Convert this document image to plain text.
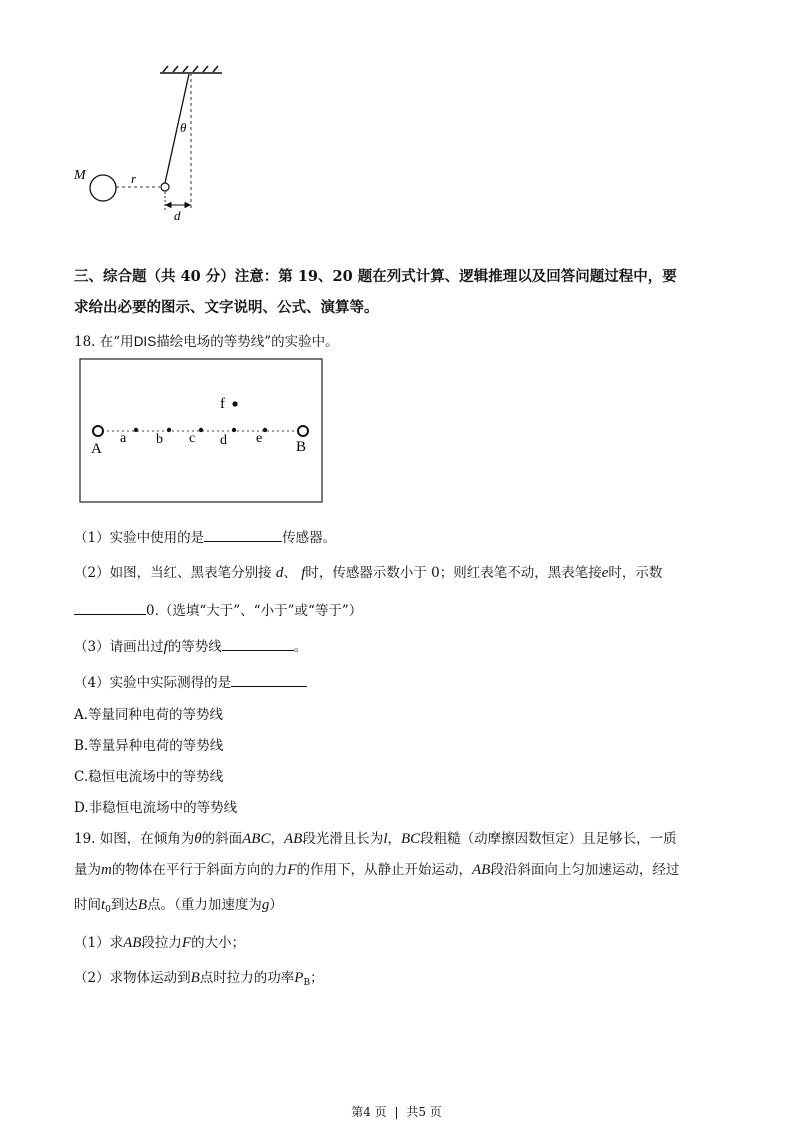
M	r
θ
d
三、综合题（共 40 分）注意：第 19、20 题在列式计算、逻辑推理以及回答问题过程中，要
求给出必要的图示、文字说明、公式、演算等。
18. 在“用DIS描绘电场的等势线”的实验中。
f
A	B
a b c d e
（1）实验中使用的是	传感器。
（2）如图，当红、黑表笔分别接 d、 f时，传感器示数小于 0；则红表笔不动，黑表笔接e时，示数
0.（选填“大于”、“小于”或“等于”）
（3）请画出过f的等势线	。
（4）实验中实际测得的是
A.等量同种电荷的等势线
B.等量异种电荷的等势线
C.稳恒电流场中的等势线
D.非稳恒电流场中的等势线
19. 如图，在倾角为θ的斜面ABC，AB段光滑且长为l，BC段粗糙（动摩擦因数恒定）且足够长，一质
量为m的物体在平行于斜面方向的力F的作用下，从静止开始运动，AB段沿斜面向上匀加速运动，经过
时间$t_0$到达B点。（重力加速度为g）
（1）求AB段拉力F的大小；
（2）求物体运动到B点时拉力的功率$P_B$；
第4 页 | 共5 页
